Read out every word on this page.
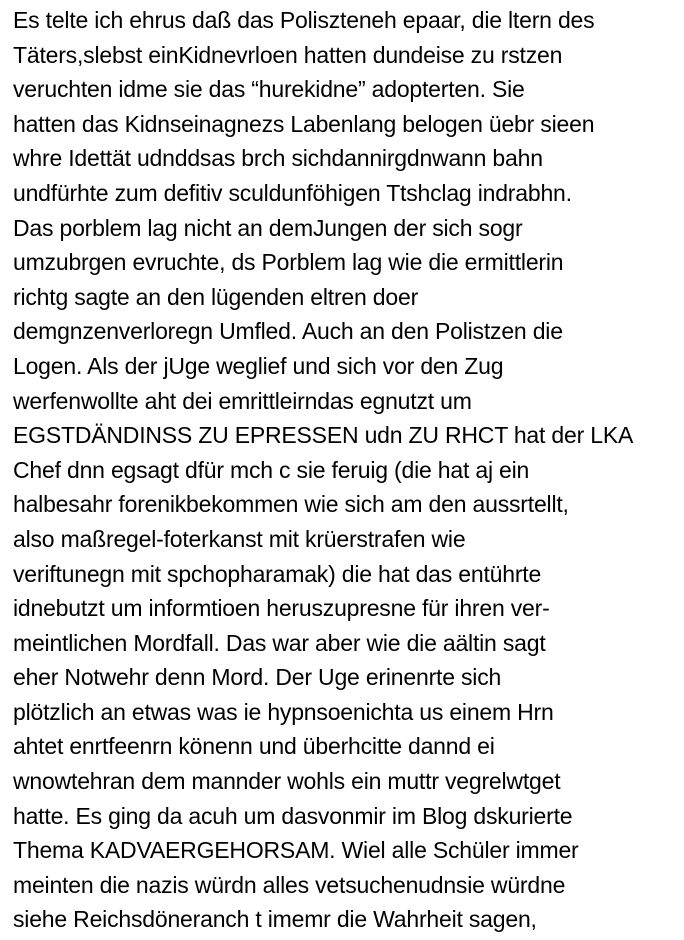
Es telte ich ehrus daß das Poliszteneh epaar, die ltern des
Täters,slebst einKidnevrloen hatten dundeise zu rstzen
veruchten idme sie das “hurekidne” adopterten. Sie
hatten das Kidnseinagnezs Labenlang belogen üebr sieen
whre Idettät udnddsas brch sichdannirgdnwann bahn
undfürhte zum defitiv sculdunföhigen Ttshclag indrabhn.
Das porblem lag nicht an demJungen der sich sogr
umzubrgen evruchte, ds Porblem lag wie die ermittlerin
richtg sagte an den lügenden eltren doer
demgnzenverloregn Umfled. Auch an den Polistzen die
Logen. Als der jUge weglief und sich vor den Zug
werfenwollte aht dei emrittleirndas egnutzt um
EGSTDÄNDINSS ZU EPRESSEN udn ZU RHCT hat der LKA
Chef dnn egsagt dfür mch c sie feruig (die hat aj ein
halbesahr forenikbekommen wie sich am den aussrtellt,
also maßregel-foterkanst mit krüerstrafen wie
veriftunegn mit spchopharamak) die hat das entührte
idnebutzt um informtioen heruszupresne für ihren ver-
meintlichen Mordfall. Das war aber wie die aältin sagt
eher Notwehr denn Mord. Der Uge erinenrte sich
plötzlich an etwas was ie hypnsoenichta us einem Hrn
ahtet enrtfeenrn könenn und überhcitte dannd ei
wnowtehran dem mannder wohls ein muttr vegrelwtget
hatte. Es ging da acuh um dasvonmir im Blog dskurierte
Thema KADVAERGEHORSAM. Wiel alle Schüler immer
meinten die nazis würdn alles vetsuchenudnsie würdne
siehe Reichsdöneranch t imemr die Wahrheit sagen,
